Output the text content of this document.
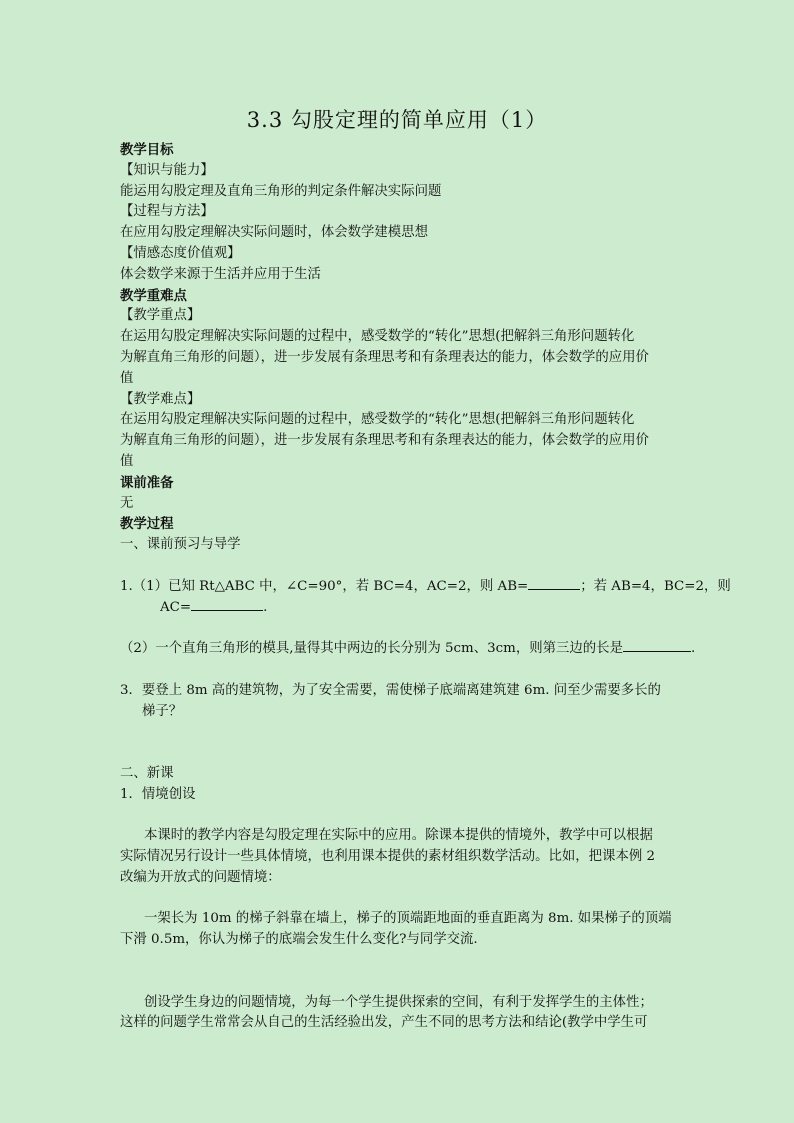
3.3 勾股定理的简单应用（1）
教学目标
【知识与能力】
能运用勾股定理及直角三角形的判定条件解决实际问题
【过程与方法】
在应用勾股定理解决实际问题时，体会数学建模思想
【情感态度价值观】
体会数学来源于生活并应用于生活
教学重难点
【教学重点】
在运用勾股定理解决实际问题的过程中，感受数学的“转化”思想(把解斜三角形问题转化
为解直角三角形的问题），进一步发展有条理思考和有条理表达的能力，体会数学的应用价
值
【教学难点】
在运用勾股定理解决实际问题的过程中，感受数学的“转化”思想(把解斜三角形问题转化
为解直角三角形的问题），进一步发展有条理思考和有条理表达的能力，体会数学的应用价
值
课前准备
无
教学过程
一、课前预习与导学
1.（1）已知 Rt△ABC 中，∠C=90°，若 BC=4，AC=2，则 AB=	；若 AB=4，BC=2，则
AC=	.
（2）一个直角三角形的模具,量得其中两边的长分别为 5cm、3cm，则第三边的长是	.
3．要登上 8m 高的建筑物，为了安全需要，需使梯子底端离建筑建 6m. 问至少需要多长的
梯子？
二、新课
1．情境创设
本课时的教学内容是勾股定理在实际中的应用。除课本提供的情境外，教学中可以根据
实际情况另行设计一些具体情境，也利用课本提供的素材组织数学活动。比如，把课本例 2
改编为开放式的问题情境：
一架长为 10m 的梯子斜靠在墙上，梯子的顶端距地面的垂直距离为 8m. 如果梯子的顶端
下滑 0.5m，你认为梯子的底端会发生什么变化?与同学交流.
创设学生身边的问题情境，为每一个学生提供探索的空间，有利于发挥学生的主体性；
这样的问题学生常常会从自己的生活经验出发，产生不同的思考方法和结论(教学中学生可
